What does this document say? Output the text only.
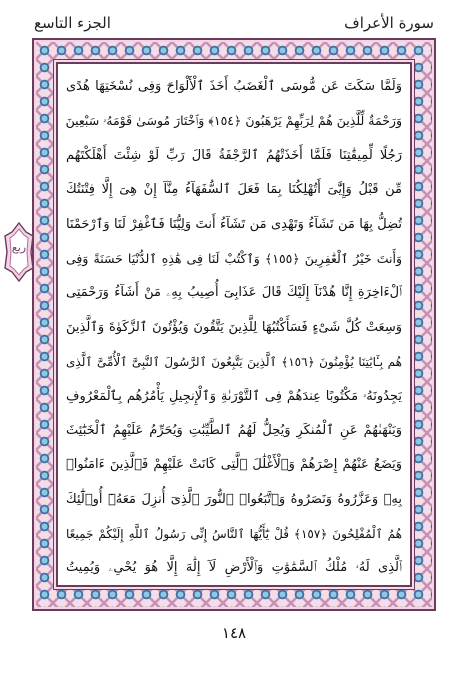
سورة الأعراف
الجزء التاسع
وَلَمَّا سَكَتَ عَن مُّوسَى ٱلْغَضَبُ أَخَذَ ٱلْأَلْوَاحَ وَفِى نُسْخَتِهَا هُدًى
وَرَحْمَةٌ لِّلَّذِينَ هُمْ لِرَبِّهِمْ يَرْهَبُونَ ﴿١٥٤﴾ وَٱخْتَارَ مُوسَىٰ قَوْمَهُۥ سَبْعِينَ
رَجُلًا لِّمِيقَٰتِنَا فَلَمَّا أَخَذَتْهُمُ ٱلرَّجْفَةُ قَالَ رَبِّ لَوْ شِئْتَ أَهْلَكْتَهُم
مِّن قَبْلُ وَإِيَّٰىَ أَتُهْلِكُنَا بِمَا فَعَلَ ٱلسُّفَهَآءُ مِنَّآ إِنْ هِىَ إِلَّا فِتْنَتُكَ
تُضِلُّ بِهَا مَن تَشَآءُ وَتَهْدِى مَن تَشَآءُ أَنتَ وَلِيُّنَا فَٱغْفِرْ لَنَا وَٱرْحَمْنَا
وَأَنتَ خَيْرُ ٱلْغَٰفِرِينَ ﴿١٥٥﴾ وَٱكْتُبْ لَنَا فِى هَٰذِهِ ٱلدُّنْيَا حَسَنَةً وَفِى
ٱلْءَاخِرَةِ إِنَّا هُدْنَآ إِلَيْكَ قَالَ عَذَابِىٓ أُصِيبُ بِهِۦ مَنْ أَشَآءُ وَرَحْمَتِى
وَسِعَتْ كُلَّ شَىْءٍ فَسَأَكْتُبُهَا لِلَّذِينَ يَتَّقُونَ وَيُؤْتُونَ ٱلزَّكَوٰةَ وَٱلَّذِينَ
هُم بِـَٔايَٰتِنَا يُؤْمِنُونَ ﴿١٥٦﴾ ٱلَّذِينَ يَتَّبِعُونَ ٱلرَّسُولَ ٱلنَّبِىَّ ٱلْأُمِّىَّ ٱلَّذِى
يَجِدُونَهُۥ مَكْتُوبًا عِندَهُمْ فِى ٱلتَّوْرَىٰةِ وَٱلْإِنجِيلِ يَأْمُرُهُم بِٱلْمَعْرُوفِ
وَيَنْهَىٰهُمْ عَنِ ٱلْمُنكَرِ وَيُحِلُّ لَهُمُ ٱلطَّيِّبَٰتِ وَيُحَرِّمُ عَلَيْهِمُ ٱلْخَبَٰٓئِثَ
وَيَضَعُ عَنْهُمْ إِصْرَهُمْ وَٱلْأَغْلَٰلَ ٱلَّتِى كَانَتْ عَلَيْهِمْ فَٱلَّذِينَ ءَامَنُوا۟
بِهِۦ وَعَزَّرُوهُ وَنَصَرُوهُ وَٱتَّبَعُوا۟ ٱلنُّورَ ٱلَّذِىٓ أُنزِلَ مَعَهُۥٓ أُو۟لَٰٓئِكَ
هُمُ ٱلْمُفْلِحُونَ ﴿١٥٧﴾ قُلْ يَٰٓأَيُّهَا ٱلنَّاسُ إِنِّى رَسُولُ ٱللَّهِ إِلَيْكُمْ جَمِيعًا
ٱلَّذِى لَهُۥ مُلْكُ ٱلسَّمَٰوَٰتِ وَٱلْأَرْضِ لَآ إِلَٰهَ إِلَّا هُوَ يُحْىِۦ وَيُمِيتُ
ربع
١٤٨
